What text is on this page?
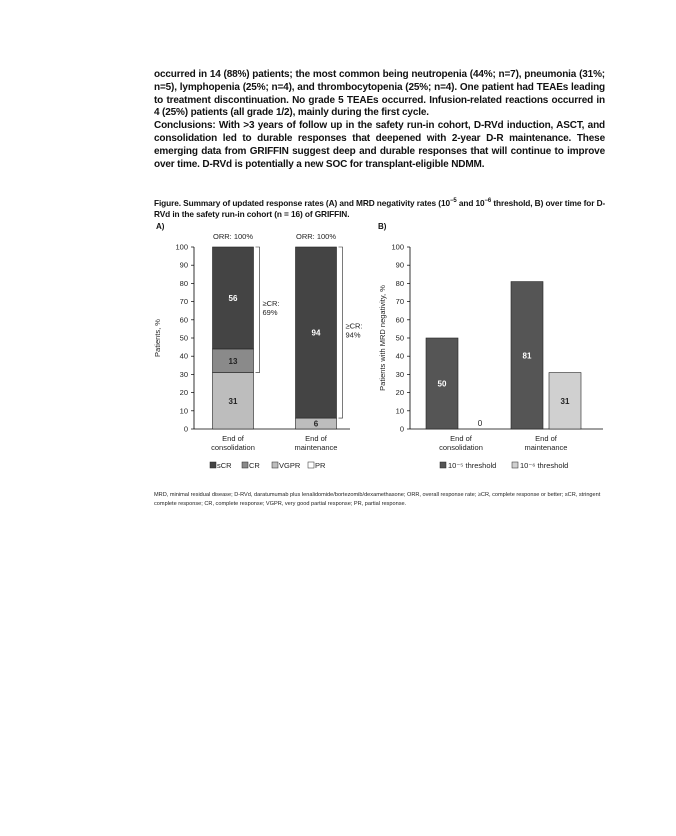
occurred in 14 (88%) patients; the most common being neutropenia (44%; n=7), pneumonia (31%; n=5), lymphopenia (25%; n=4), and thrombocytopenia (25%; n=4). One patient had TEAEs leading to treatment discontinuation. No grade 5 TEAEs occurred. Infusion-related reactions occurred in 4 (25%) patients (all grade 1/2), mainly during the first cycle.

Conclusions: With >3 years of follow up in the safety run-in cohort, D-RVd induction, ASCT, and consolidation led to durable responses that deepened with 2-year D-R maintenance. These emerging data from GRIFFIN suggest deep and durable responses that will continue to improve over time. D-RVd is potentially a new SOC for transplant-eligible NDMM.

Figure. Summary of updated response rates (A) and MRD negativity rates ($10^{-5}$ and $10^{-6}$ threshold, B) over time for D-RVd in the safety run-in cohort (n = 16) of GRIFFIN.
0
10
20
30
40
50
60
70
80
90
100
Patients, %
A)
End of
consolidation
End of
maintenance
31
13
56
ORR: 100%
6
94
ORR: 100%
≥CR:
69%
≥CR:
94%
sCR CR	VGPR PR
0
10
20
30
40
50
60
70
80
90
100
Patients with MRD negativity, %
B)
End of
consolidation
End of
maintenance
50
0
81
31
10⁻⁵ threshold	10⁻⁶ threshold
MRD, minimal residual disease; D-RVd, daratumumab plus lenalidomide/bortezomib/dexamethasone; ORR, overall response rate; ≥CR, complete response or better; sCR, stringent complete response; CR, complete response; VGPR, very good partial response; PR, partial response.
